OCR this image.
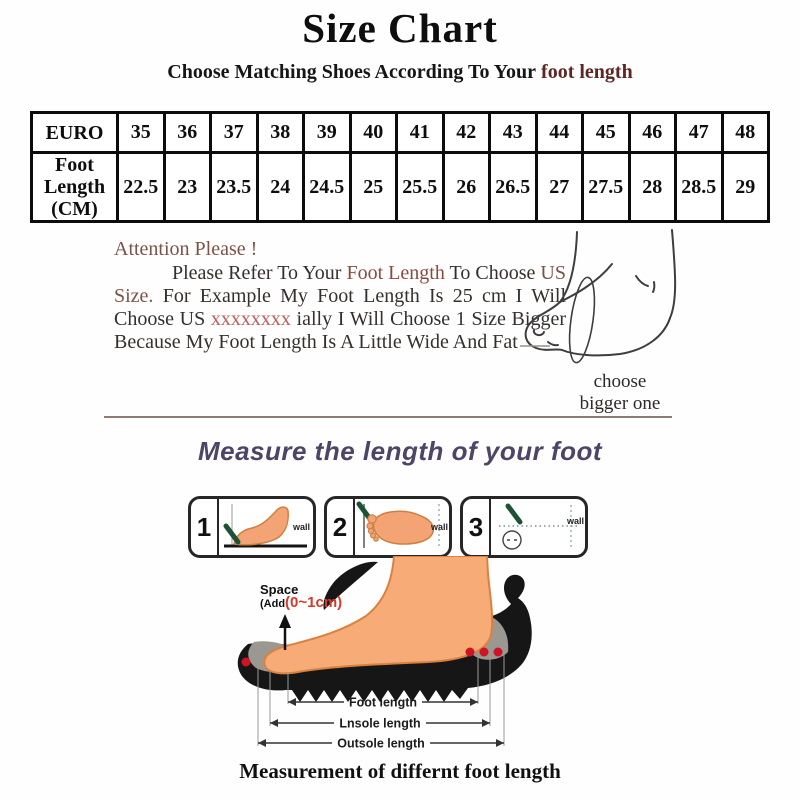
Size Chart
Choose Matching Shoes According To Your foot length
EURO	35	36	37	38	39	40	41	42	43	44	45	46	47	48
Foot Length (CM)	22.5	23	23.5	24	24.5	25	25.5	26	26.5	27	27.5	28	28.5	29
Attention Please !

Please Refer To Your Foot Length To Choose US Size. For Example My Foot Length Is 25 cm I Will Choose US xxxxxxxx ially I Will Choose 1 Size Bigger Because My Foot Length Is A Little Wide And Fat

choose
bigger one
Measure the length of your foot
1	wall 2	wall 3	wall
Foot length
Lnsole length
Outsole length
Space
(Add(0~1cm)
Measurement of differnt foot length
